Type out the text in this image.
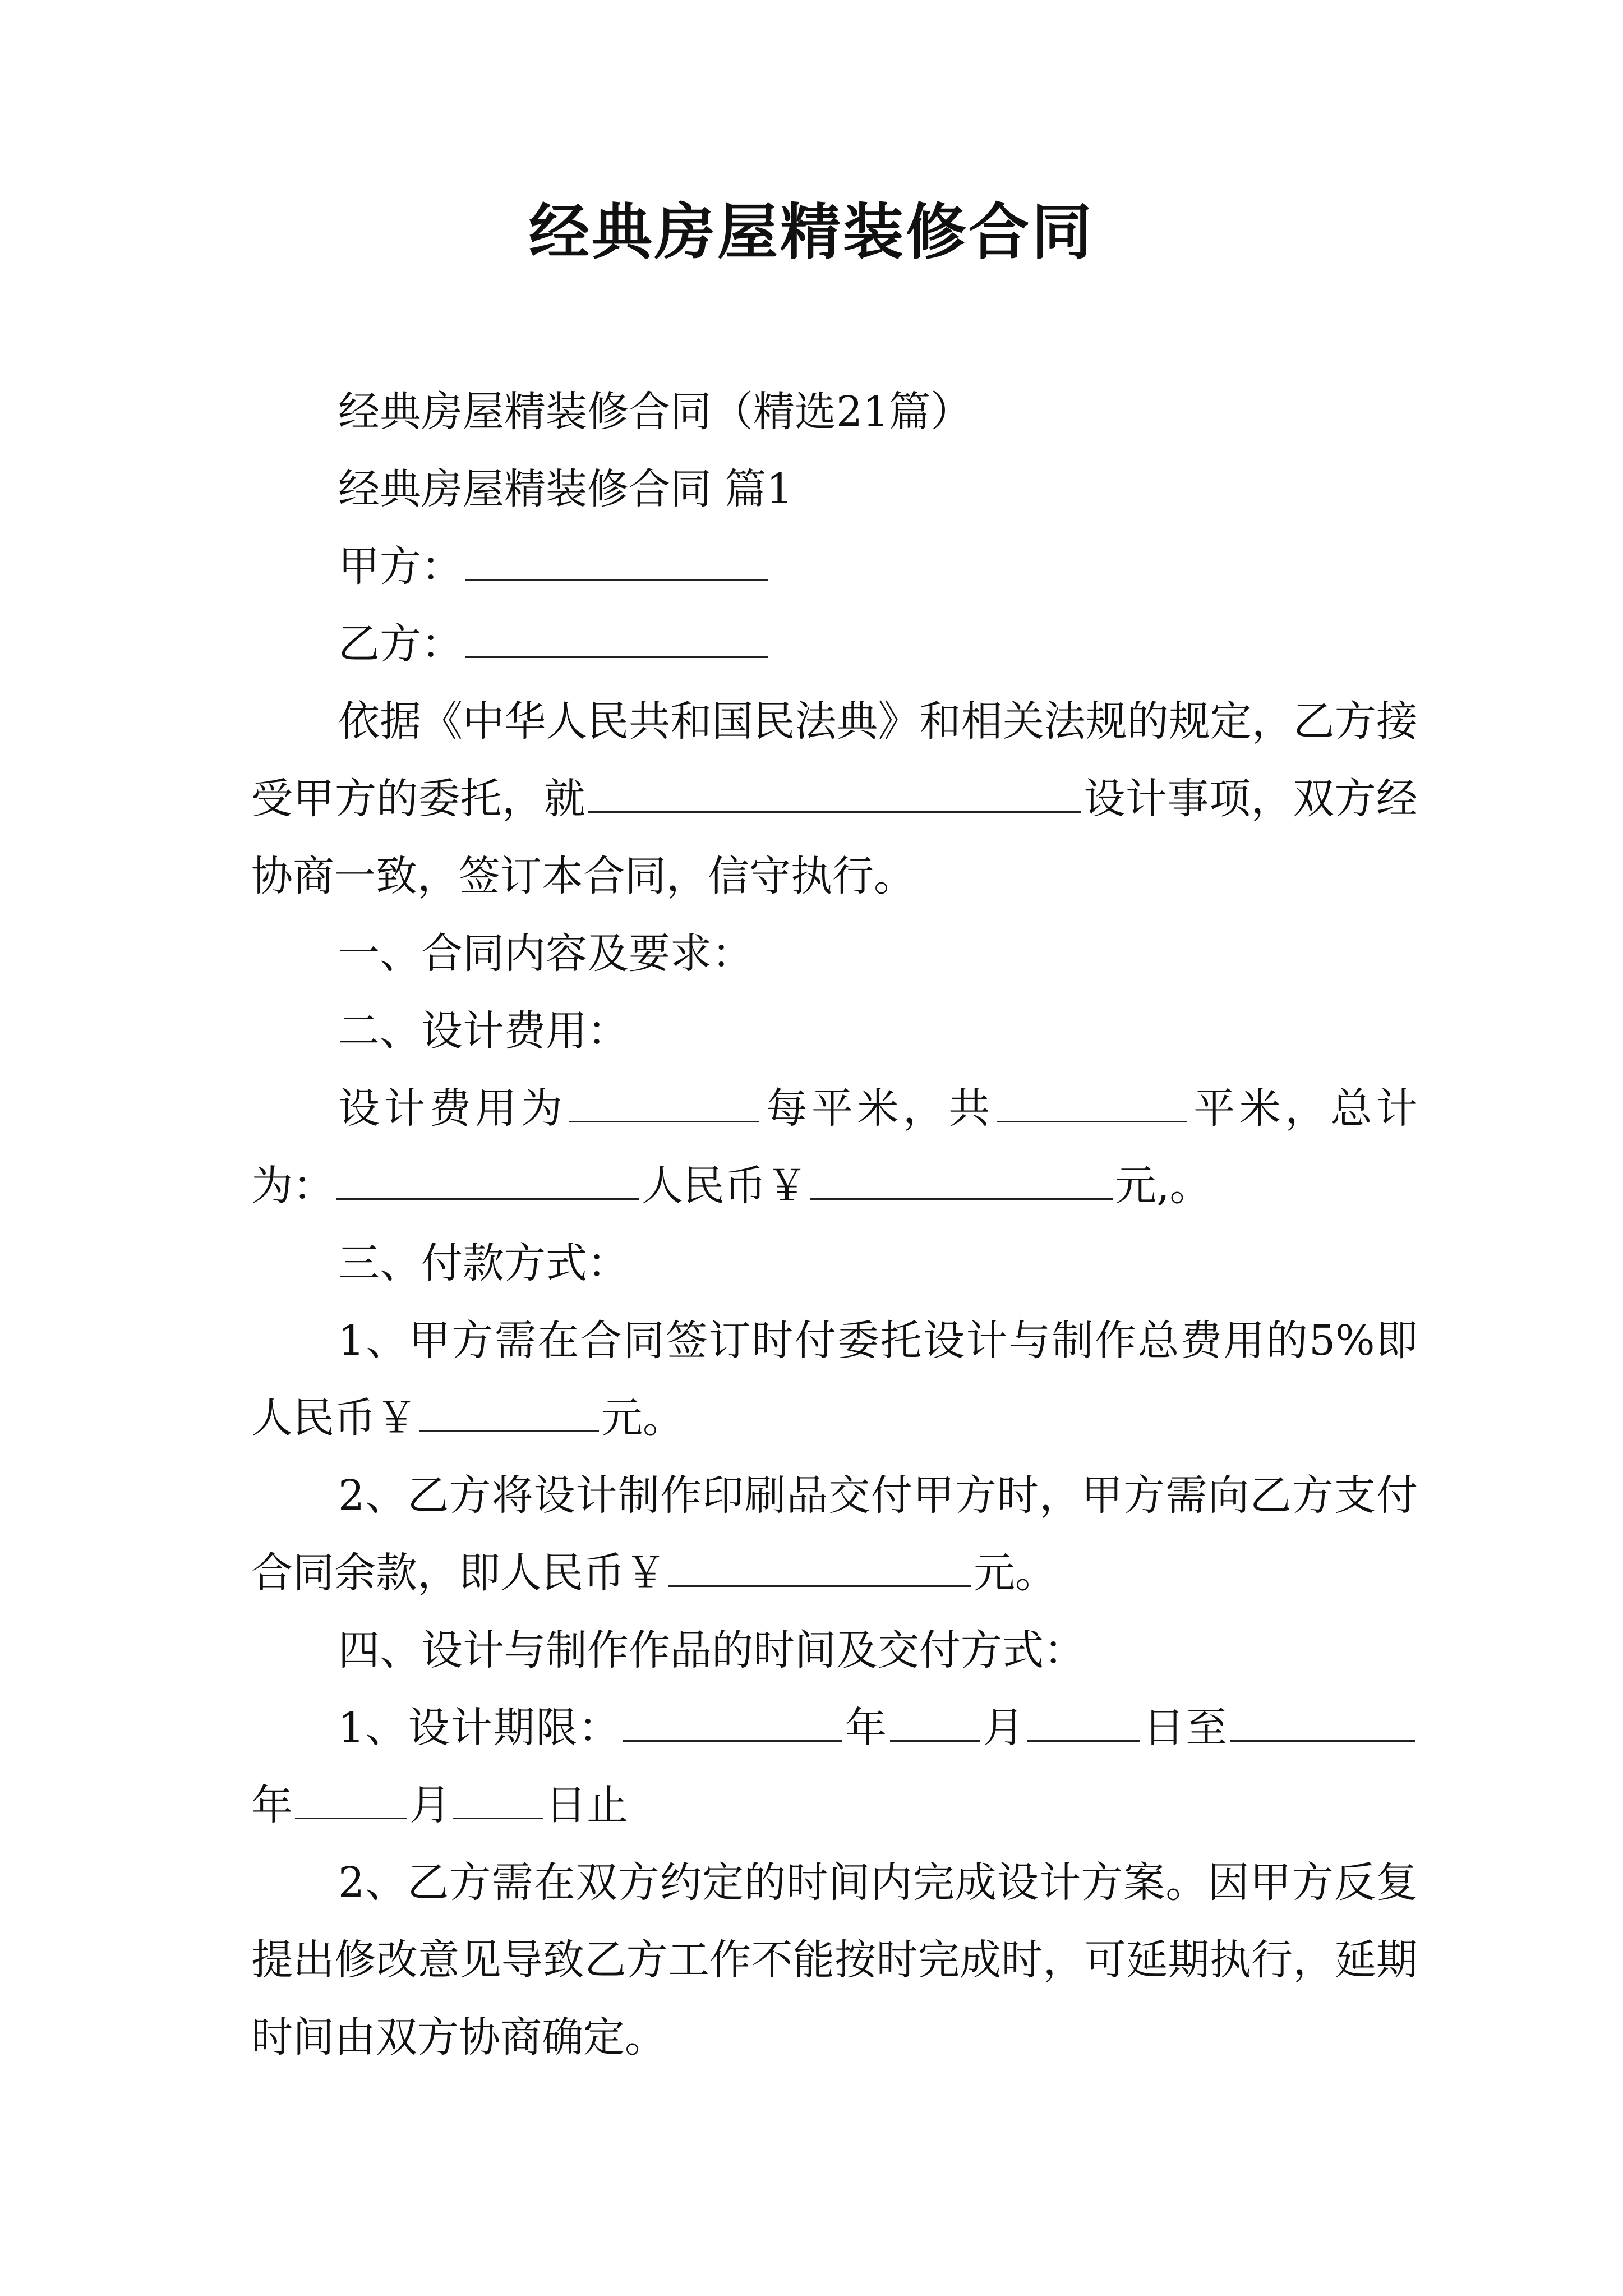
经典房屋精装修合同

经典房屋精装修合同（精选21篇）

经典房屋精装修合同 篇1

甲方：

乙方：

依据《中华人民共和国民法典》和相关法规的规定，乙方接受甲方的委托，就	设计事项，双方经协商一致，签订本合同，信守执行。

一、合同内容及要求：

二、设计费用：

设计费用为	每平米，共	平米，总计为：	人民币￥	元,。

三、付款方式：

1、甲方需在合同签订时付委托设计与制作总费用的5%即人民币￥	元。

2、乙方将设计制作印刷品交付甲方时，甲方需向乙方支付合同余款，即人民币￥	元。

四、设计与制作作品的时间及交付方式：

1、设计期限：	年 月	日至年	月 日止

2、乙方需在双方约定的时间内完成设计方案。因甲方反复提出修改意见导致乙方工作不能按时完成时，可延期执行，延期时间由双方协商确定。
